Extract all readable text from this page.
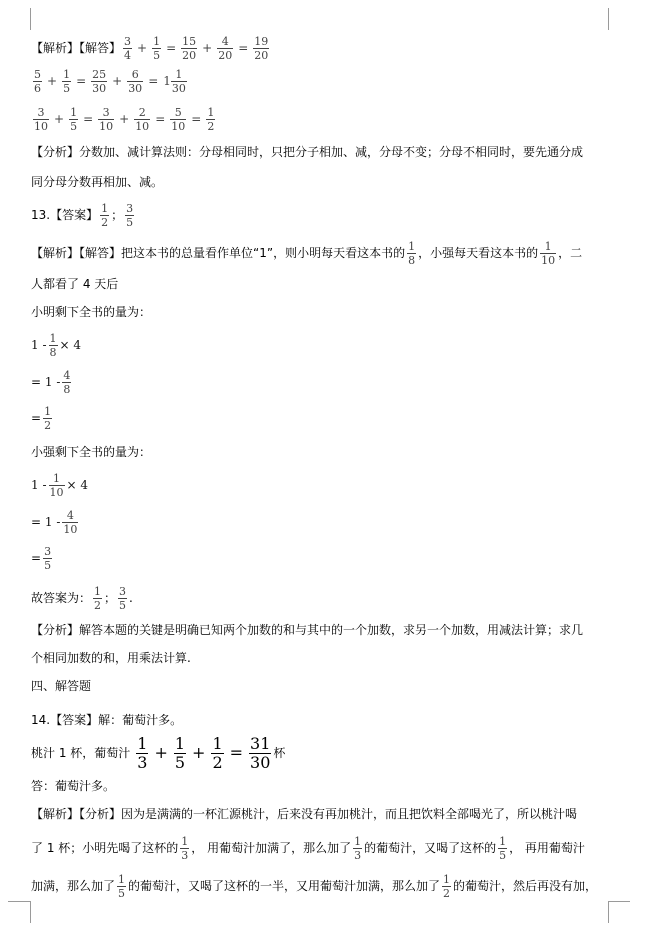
【解析】【解答】 $\frac{3}{4} + \frac{1}{5} = \frac{15}{20} + \frac{4}{20} = \frac{19}{20}$
$\frac{5}{6} + \frac{1}{5} = \frac{25}{30} + \frac{6}{30} = 1 \frac{1}{30}$
$\frac{3}{10} + \frac{1}{5} = \frac{3}{10} + \frac{2}{10} = \frac{5}{10} = \frac{1}{2}$
【分析】 分数加、减计算法则：分母相同时，只把分子相加、减，分母不变；分母不相同时，要先通分成
同分母分数再相加、减。
13.【答案】 $\frac{1}{2}$ ； $\frac{3}{5}$
【解析】【解答】 把这本书的总量看作单位“1”，则小明每天看这本书的 $\frac{1}{8}$ ，小强每天看这本书的 $\frac{1}{10}$ ，二
人都看了 4 天后
小明剩下全书的量为：
$1 - \frac{1}{8} \times 4$
= $1 - \frac{4}{8}$
= $\frac{1}{2}$
小强剩下全书的量为：
$1 - \frac{1}{10} \times 4$
= $1 - \frac{4}{10}$
= $\frac{3}{5}$
故答案为： $\frac{1}{2}$ ； $\frac{3}{5}$ .
【分析】 解答本题的关键是明确已知两个加数的和与其中的一个加数，求另一个加数，用减法计算；求几
个相同加数的和，用乘法计算.
四、解答题
14.【答案】 解：葡萄汁多。
桃汁 1 杯，葡萄汁 $\frac{1}{3} + \frac{1}{5} + \frac{1}{2} = \frac{31}{30}$ 杯
答：葡萄汁多。
【解析】【分析】 因为是满满的一杯汇源桃汁，后来没有再加桃汁，而且把饮料全部喝光了，所以桃汁喝
了 1 杯；小明先喝了这杯的 $\frac{1}{3}$ ， 用葡萄汁加满了，那么加了 $\frac{1}{3}$ 的葡萄汁，又喝了这杯的 $\frac{1}{5}$ ， 再用葡萄汁
加满，那么加了 $\frac{1}{5}$ 的葡萄汁，又喝了这杯的一半，又用葡萄汁加满，那么加了 $\frac{1}{2}$ 的葡萄汁，然后再没有加，
